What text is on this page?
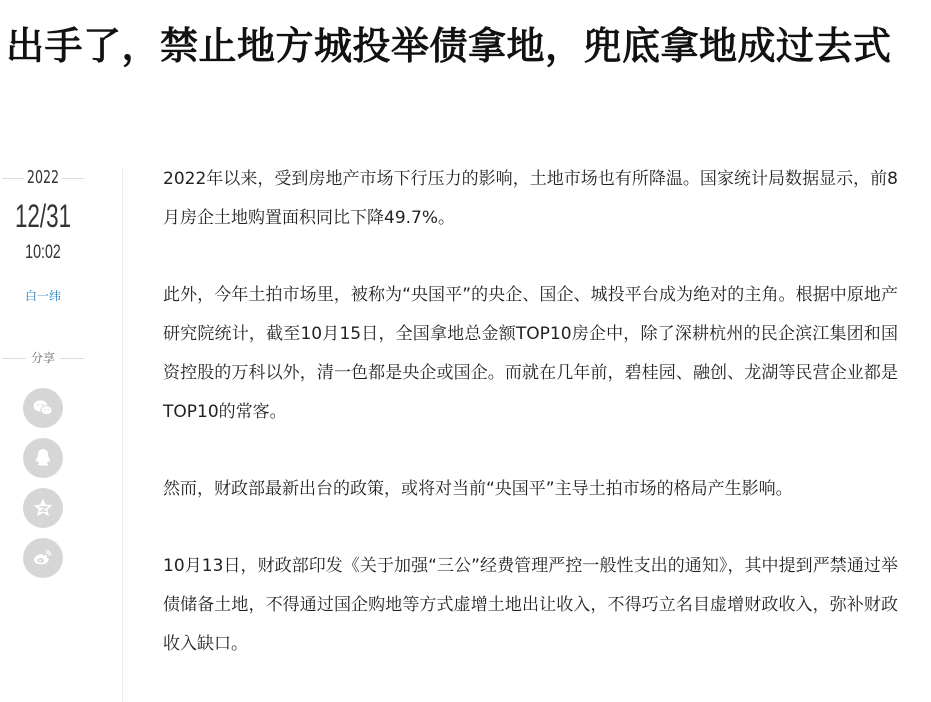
出手了，禁止地方城投举债拿地，兜底拿地成过去式
2022
12/31
10:02
白一纬
分享

2022年以来，受到房地产市场下行压力的影响，土地市场也有所降温。国家统计局数据显示，前8月房企土地购置面积同比下降49.7%。

此外，今年土拍市场里，被称为“央国平”的央企、国企、城投平台成为绝对的主角。根据中原地产研究院统计，截至10月15日，全国拿地总金额TOP10房企中，除了深耕杭州的民企滨江集团和国资控股的万科以外，清一色都是央企或国企。而就在几年前，碧桂园、融创、龙湖等民营企业都是TOP10的常客。

然而，财政部最新出台的政策，或将对当前“央国平”主导土拍市场的格局产生影响。

10月13日，财政部印发《关于加强“三公”经费管理严控一般性支出的通知》，其中提到严禁通过举债储备土地，不得通过国企购地等方式虚增土地出让收入，不得巧立名目虚增财政收入，弥补财政收入缺口。
